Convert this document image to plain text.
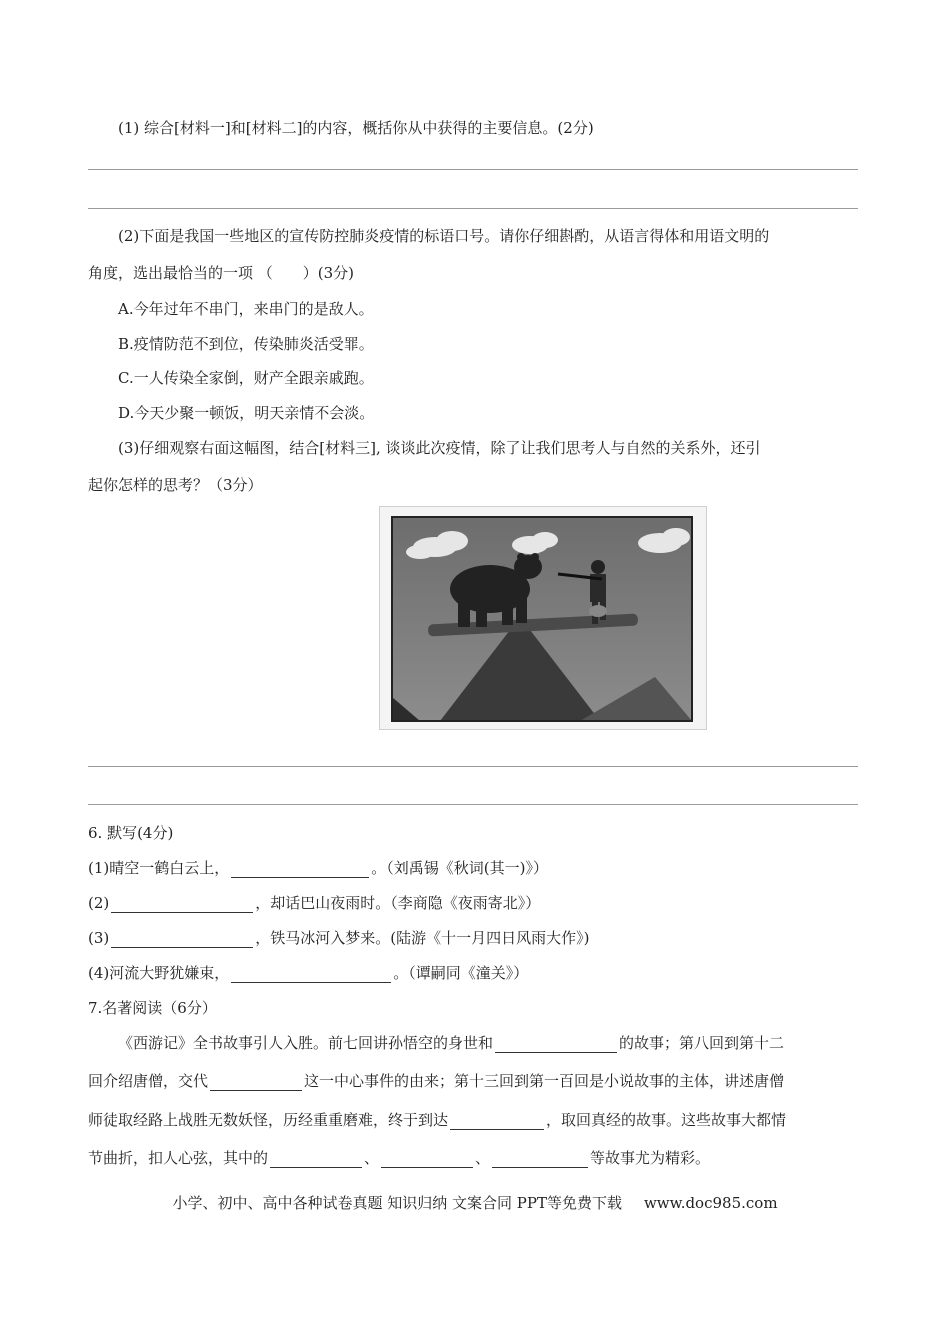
(1) 综合[材料一]和[材料二]的内容，概括你从中获得的主要信息。(2分)
(2)下面是我国一些地区的宣传防控肺炎疫情的标语口号。请你仔细斟酌，从语言得体和用语文明的
角度，选出最恰当的一项 （　　）(3分)
A.今年过年不串门，来串门的是敌人。
B.疫情防范不到位，传染肺炎活受罪。
C.一人传染全家倒，财产全跟亲戚跑。
D.今天少聚一顿饭，明天亲情不会淡。
(3)仔细观察右面这幅图，结合[材料三], 谈谈此次疫情，除了让我们思考人与自然的关系外，还引
起你怎样的思考？（3分）
6. 默写(4分)
(1)晴空一鹤白云上，	。（刘禹锡《秋词(其一)》）
(2)	，却话巴山夜雨时。（李商隐《夜雨寄北》）
(3)	，铁马冰河入梦来。(陆游《十一月四日风雨大作》)
(4)河流大野犹嫌束，	。（谭嗣同《潼关》）
7.名著阅读（6分）
《西游记》全书故事引人入胜。前七回讲孙悟空的身世和	的故事；第八回到第十二
回介绍唐僧，交代	这一中心事件的由来；第十三回到第一百回是小说故事的主体，讲述唐僧
师徒取经路上战胜无数妖怪，历经重重磨难，终于到达	，取回真经的故事。这些故事大都情
节曲折，扣人心弦，其中的	、	、	等故事尤为精彩。
小学、初中、高中各种试卷真题 知识归纳 文案合同 PPT等免费下载 www.doc985.com
